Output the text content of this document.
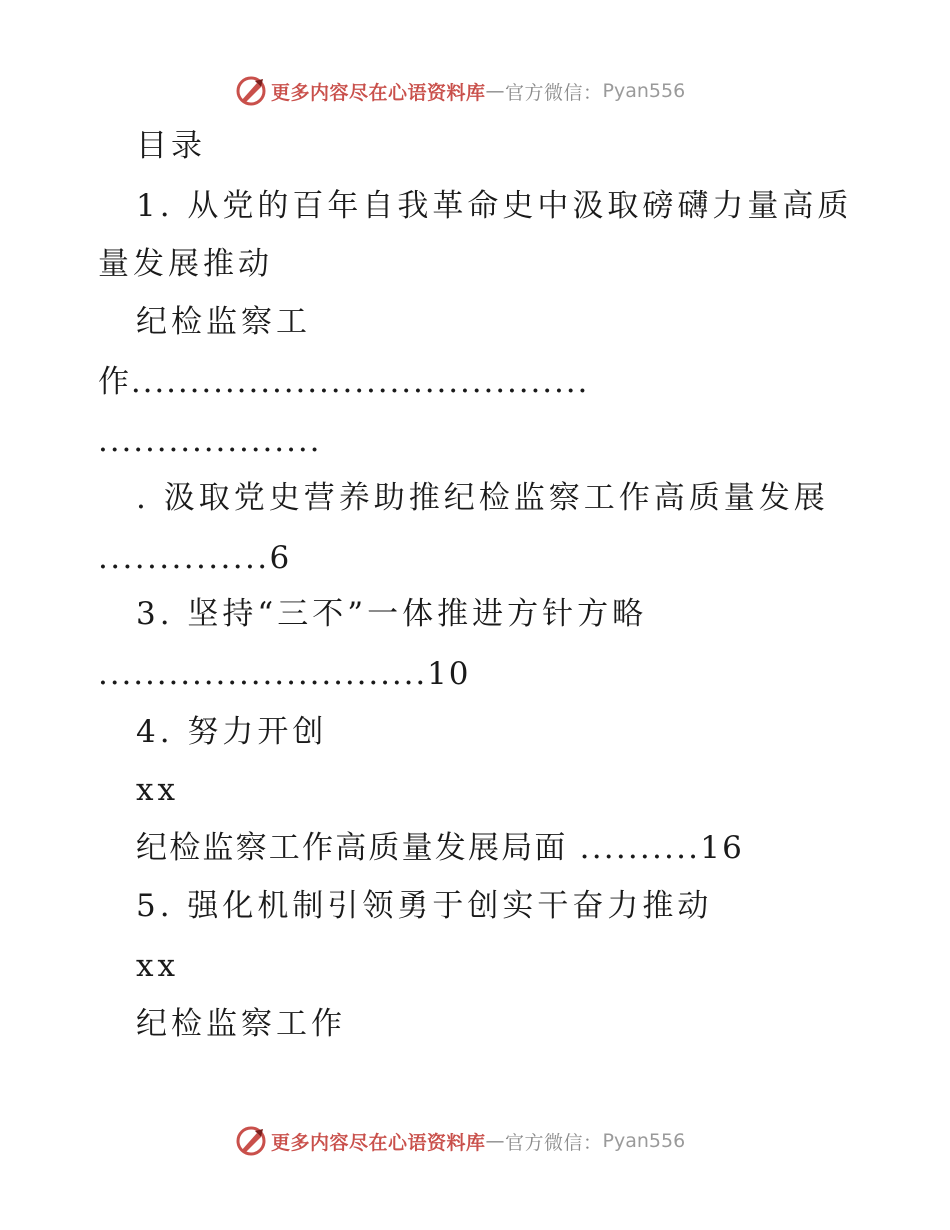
更多内容尽在心语资料库 — 官方微信： Pyan556
目录
1. 从党的百年自我革命史中汲取磅礴力量高质
量发展推动
纪检监察工
作.......................................
...................
. 汲取党史营养助推纪检监察工作高质量发展
..............6
3. 坚持“三不”一体推进方针方略
............................10
4. 努力开创
xx
纪检监察工作高质量发展局面 ..........16
5. 强化机制引领勇于创实干奋力推动
xx
纪检监察工作
更多内容尽在心语资料库 — 官方微信： Pyan556
